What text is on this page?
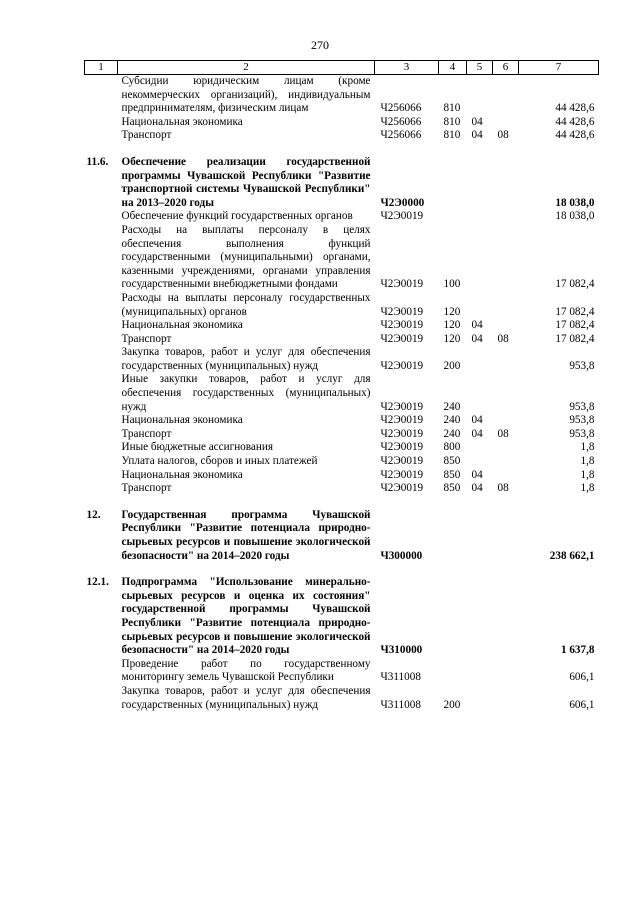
270
1	2	3	4	5	6	7
	Субсидии юридическим лицам (кроме некоммерческих организаций), индивидуальным предпринимателям, физическим лицам	Ч256066	810			44 428,6
	Национальная экономика	Ч256066	810	04		44 428,6
	Транспорт	Ч256066	810	04	08	44 428,6

11.6.	Обеспечение реализации государственной программы Чувашской Республики "Развитие транспортной системы Чувашской Республики" на 2013–2020 годы	Ч2Э0000				18 038,0
	Обеспечение функций государственных органов	Ч2Э0019				18 038,0
	Расходы на выплаты персоналу в целях обеспечения выполнения функций государственными (муниципальными) органами, казенными учреждениями, органами управления государственными внебюджетными фондами	Ч2Э0019	100			17 082,4
	Расходы на выплаты персоналу государственных (муниципальных) органов	Ч2Э0019	120			17 082,4
	Национальная экономика	Ч2Э0019	120	04		17 082,4
	Транспорт	Ч2Э0019	120	04	08	17 082,4
	Закупка товаров, работ и услуг для обеспечения государственных (муниципальных) нужд	Ч2Э0019	200			953,8
	Иные закупки товаров, работ и услуг для обеспечения государственных (муниципальных) нужд	Ч2Э0019	240			953,8
	Национальная экономика	Ч2Э0019	240	04		953,8
	Транспорт	Ч2Э0019	240	04	08	953,8
	Иные бюджетные ассигнования	Ч2Э0019	800			1,8
	Уплата налогов, сборов и иных платежей	Ч2Э0019	850			1,8
	Национальная экономика	Ч2Э0019	850	04		1,8
	Транспорт	Ч2Э0019	850	04	08	1,8

12.	Государственная программа Чувашской Республики "Развитие потенциала природно-сырьевых ресурсов и повышение экологической безопасности" на 2014–2020 годы	Ч300000				238 662,1

12.1.	Подпрограмма "Использование минерально-сырьевых ресурсов и оценка их состояния" государственной программы Чувашской Республики "Развитие потенциала природно-сырьевых ресурсов и повышение экологической безопасности" на 2014–2020 годы	Ч310000				1 637,8
	Проведение работ по государственному мониторингу земель Чувашской Республики	Ч311008				606,1
	Закупка товаров, работ и услуг для обеспечения государственных (муниципальных) нужд	Ч311008	200			606,1
